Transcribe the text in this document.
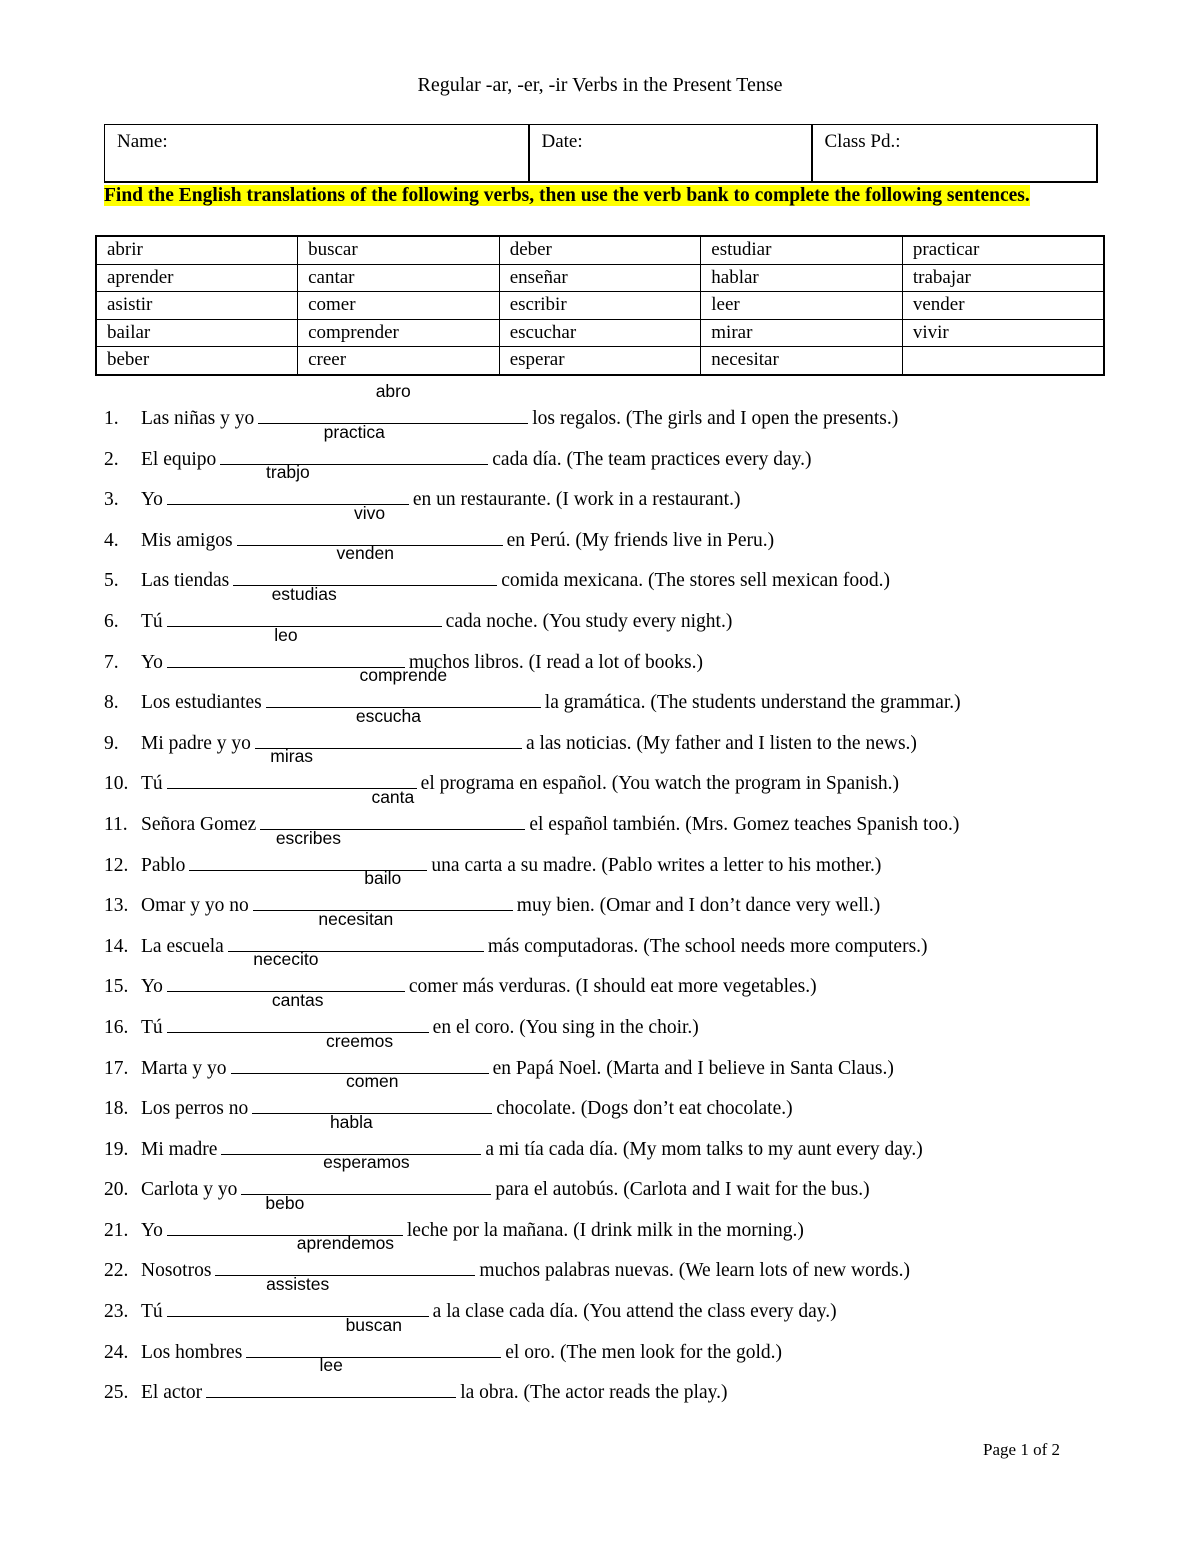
Regular -ar, -er, -ir Verbs in the Present Tense
Name:	Date:	Class Pd.:
Find the English translations of the following verbs, then use the verb bank to complete the following sentences.
abrir	buscar	deber	estudiar	practicar
aprender	cantar	enseñar	hablar	trabajar
asistir	comer	escribir	leer	vender
bailar	comprender	escuchar	mirar	vivir
beber	creer	esperar	necesitar	
1. Las niñas y yo
abro
los regalos. (The girls and I open the presents.)
2. El equipo
practica
cada día. (The team practices every day.)
3. Yo
trabjo
en un restaurante. (I work in a restaurant.)
4. Mis amigos
vivo
en Perú. (My friends live in Peru.)
5. Las tiendas
venden
comida mexicana. (The stores sell mexican food.)
6. Tú
estudias
cada noche. (You study every night.)
7. Yo
leo
muchos libros. (I read a lot of books.)
8. Los estudiantes
comprende
la gramática. (The students understand the grammar.)
9. Mi padre y yo
escucha
a las noticias. (My father and I listen to the news.)
10. Tú
miras
el programa en español. (You watch the program in Spanish.)
11. Señora Gomez
canta
el español también. (Mrs. Gomez teaches Spanish too.)
12. Pablo
escribes
una carta a su madre. (Pablo writes a letter to his mother.)
13. Omar y yo no
bailo
muy bien. (Omar and I don’t dance very well.)
14. La escuela
necesitan
más computadoras. (The school needs more computers.)
15. Yo
nececito
comer más verduras. (I should eat more vegetables.)
16. Tú
cantas
en el coro. (You sing in the choir.)
17. Marta y yo
creemos
en Papá Noel. (Marta and I believe in Santa Claus.)
18. Los perros no
comen
chocolate. (Dogs don’t eat chocolate.)
19. Mi madre
habla
a mi tía cada día. (My mom talks to my aunt every day.)
20. Carlota y yo
esperamos
para el autobús. (Carlota and I wait for the bus.)
21. Yo
bebo
leche por la mañana. (I drink milk in the morning.)
22. Nosotros
aprendemos
muchos palabras nuevas. (We learn lots of new words.)
23. Tú
assistes
a la clase cada día. (You attend the class every day.)
24. Los hombres
buscan
el oro. (The men look for the gold.)
25. El actor
lee
la obra. (The actor reads the play.)
Page 1 of 2
